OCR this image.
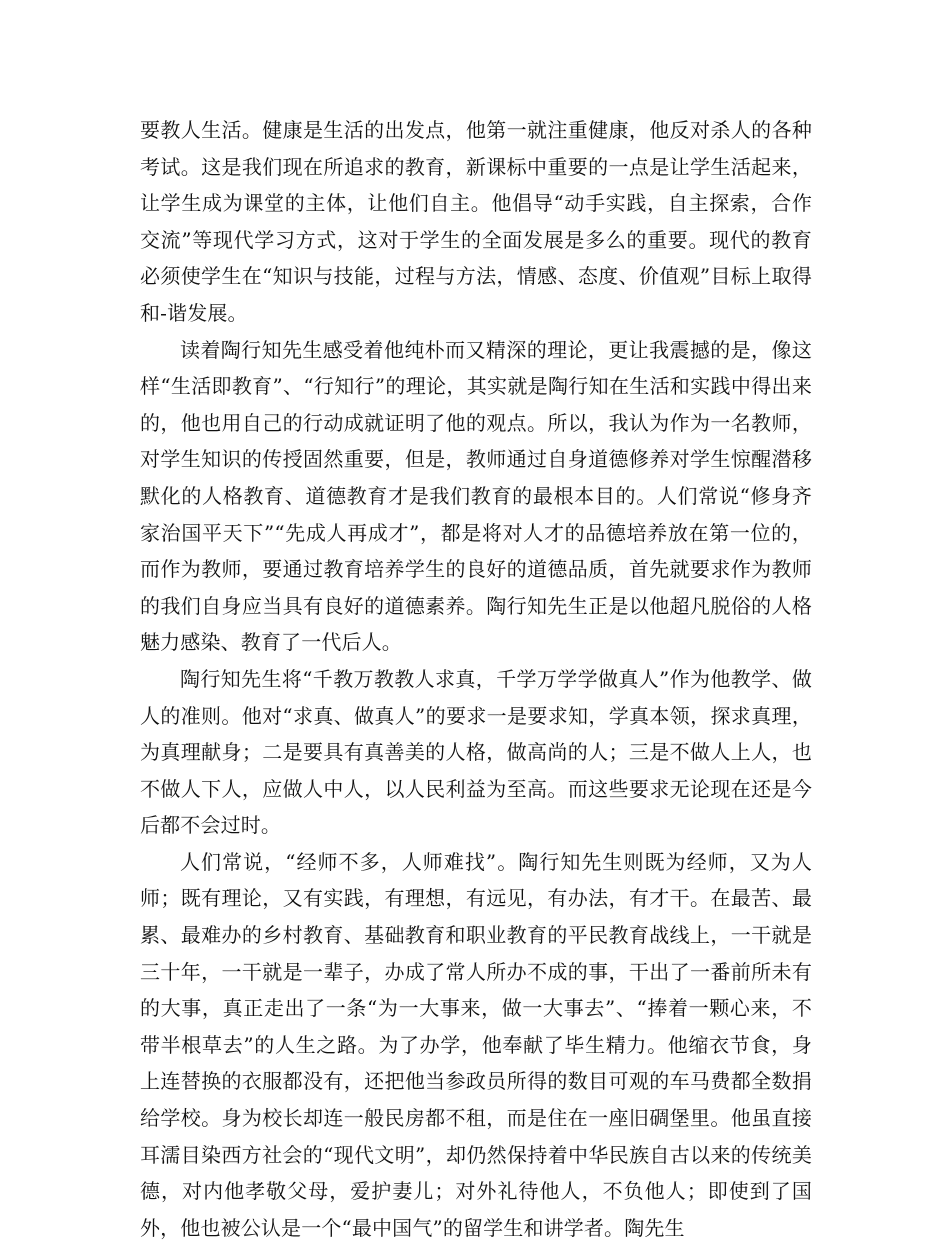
要教人生活。健康是生活的出发点，他第一就注重健康，他反对杀人的各种考试。这是我们现在所追求的教育，新课标中重要的一点是让学生活起来，让学生成为课堂的主体，让他们自主。他倡导“动手实践，自主探索，合作交流”等现代学习方式，这对于学生的全面发展是多么的重要。现代的教育必须使学生在“知识与技能，过程与方法，情感、态度、价值观”目标上取得和-谐发展。

读着陶行知先生感受着他纯朴而又精深的理论，更让我震撼的是，像这样“生活即教育”、“行知行”的理论，其实就是陶行知在生活和实践中得出来的，他也用自己的行动成就证明了他的观点。所以，我认为作为一名教师，对学生知识的传授固然重要，但是，教师通过自身道德修养对学生惊醒潜移默化的人格教育、道德教育才是我们教育的最根本目的。人们常说“修身齐家治国平天下”“先成人再成才”，都是将对人才的品德培养放在第一位的，而作为教师，要通过教育培养学生的良好的道德品质，首先就要求作为教师的我们自身应当具有良好的道德素养。陶行知先生正是以他超凡脱俗的人格魅力感染、教育了一代后人。

陶行知先生将“千教万教教人求真，千学万学学做真人”作为他教学、做人的准则。他对“求真、做真人”的要求一是要求知，学真本领，探求真理，为真理献身；二是要具有真善美的人格，做高尚的人；三是不做人上人，也不做人下人，应做人中人，以人民利益为至高。而这些要求无论现在还是今后都不会过时。

人们常说，“经师不多，人师难找”。陶行知先生则既为经师，又为人师；既有理论，又有实践，有理想，有远见，有办法，有才干。在最苦、最累、最难办的乡村教育、基础教育和职业教育的平民教育战线上，一干就是三十年，一干就是一辈子，办成了常人所办不成的事，干出了一番前所未有的大事，真正走出了一条“为一大事来，做一大事去”、“捧着一颗心来，不带半根草去”的人生之路。为了办学，他奉献了毕生精力。他缩衣节食，身上连替换的衣服都没有，还把他当参政员所得的数目可观的车马费都全数捐给学校。身为校长却连一般民房都不租，而是住在一座旧碉堡里。他虽直接耳濡目染西方社会的“现代文明”，却仍然保持着中华民族自古以来的传统美德，对内他孝敬父母，爱护妻儿；对外礼待他人，不负他人；即使到了国外，他也被公认是一个“最中国气”的留学生和讲学者。陶先生
